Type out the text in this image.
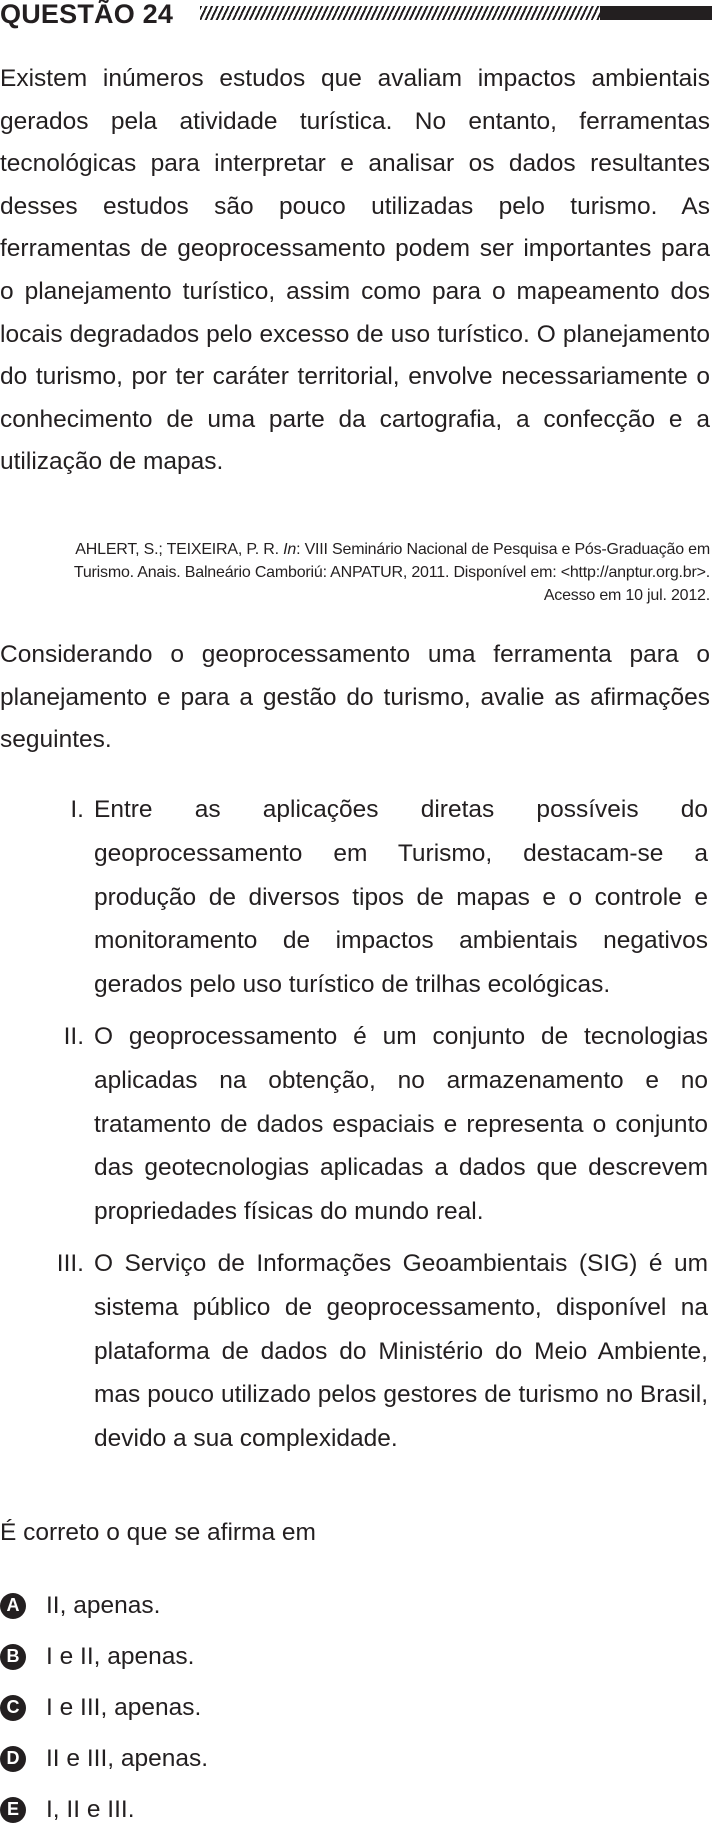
QUESTÃO 24

Existem inúmeros estudos que avaliam impactos ambientais gerados pela atividade turística. No entanto, ferramentas tecnológicas para interpretar e analisar os dados resultantes desses estudos são pouco utilizadas pelo turismo. As ferramentas de geoprocessamento podem ser importantes para o planejamento turístico, assim como para o mapeamento dos locais degradados pelo excesso de uso turístico. O planejamento do turismo, por ter caráter territorial, envolve necessariamente o conhecimento de uma parte da cartografia, a confecção e a utilização de mapas.

AHLERT, S.; TEIXEIRA, P. R. In: VIII Seminário Nacional de Pesquisa e Pós-Graduação em Turismo. Anais. Balneário Camboriú: ANPATUR, 2011. Disponível em: <http://anptur.org.br>. Acesso em 10 jul. 2012.

Considerando o geoprocessamento uma ferramenta para o planejamento e para a gestão do turismo, avalie as afirmações seguintes.

I. Entre as aplicações diretas possíveis do geoprocessamento em Turismo, destacam-se a produção de diversos tipos de mapas e o controle e monitoramento de impactos ambientais negativos gerados pelo uso turístico de trilhas ecológicas.
II. O geoprocessamento é um conjunto de tecnologias aplicadas na obtenção, no armazenamento e no tratamento de dados espaciais e representa o conjunto das geotecnologias aplicadas a dados que descrevem propriedades físicas do mundo real.
III. O Serviço de Informações Geoambientais (SIG) é um sistema público de geoprocessamento, disponível na plataforma de dados do Ministério do Meio Ambiente, mas pouco utilizado pelos gestores de turismo no Brasil, devido a sua complexidade.
É correto o que se afirma em
A II, apenas.
B I e II, apenas.
C I e III, apenas.
D II e III, apenas.
E I, II e III.
